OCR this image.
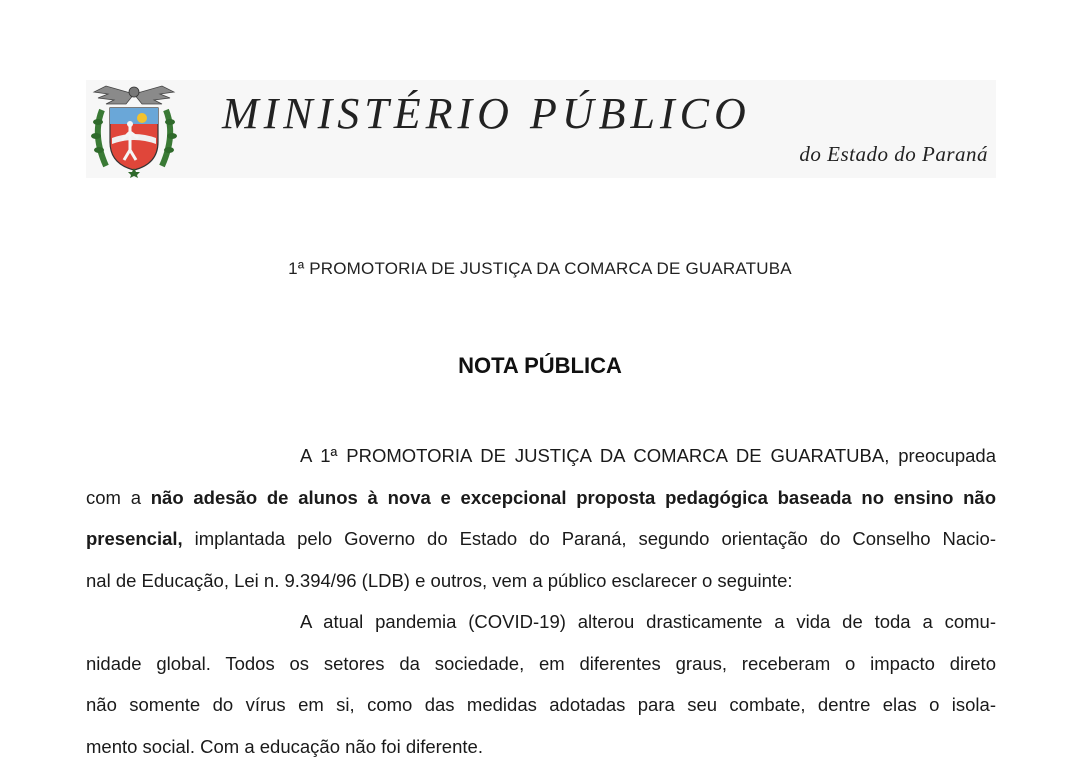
MINISTÉRIO PÚBLICO
do Estado do Paraná
1ª PROMOTORIA DE JUSTIÇA DA COMARCA DE GUARATUBA
NOTA PÚBLICA
A 1ª PROMOTORIA DE JUSTIÇA DA COMARCA DE GUARATUBA, preocupada
com a não adesão de alunos à nova e excepcional proposta pedagógica baseada no ensino não
presencial, implantada pelo Governo do Estado do Paraná, segundo orientação do Conselho Nacio-
nal de Educação, Lei n. 9.394/96 (LDB) e outros, vem a público esclarecer o seguinte:
A atual pandemia (COVID-19) alterou drasticamente a vida de toda a comu-
nidade global. Todos os setores da sociedade, em diferentes graus, receberam o impacto direto
não somente do vírus em si, como das medidas adotadas para seu combate, dentre elas o isola-
mento social. Com a educação não foi diferente.
